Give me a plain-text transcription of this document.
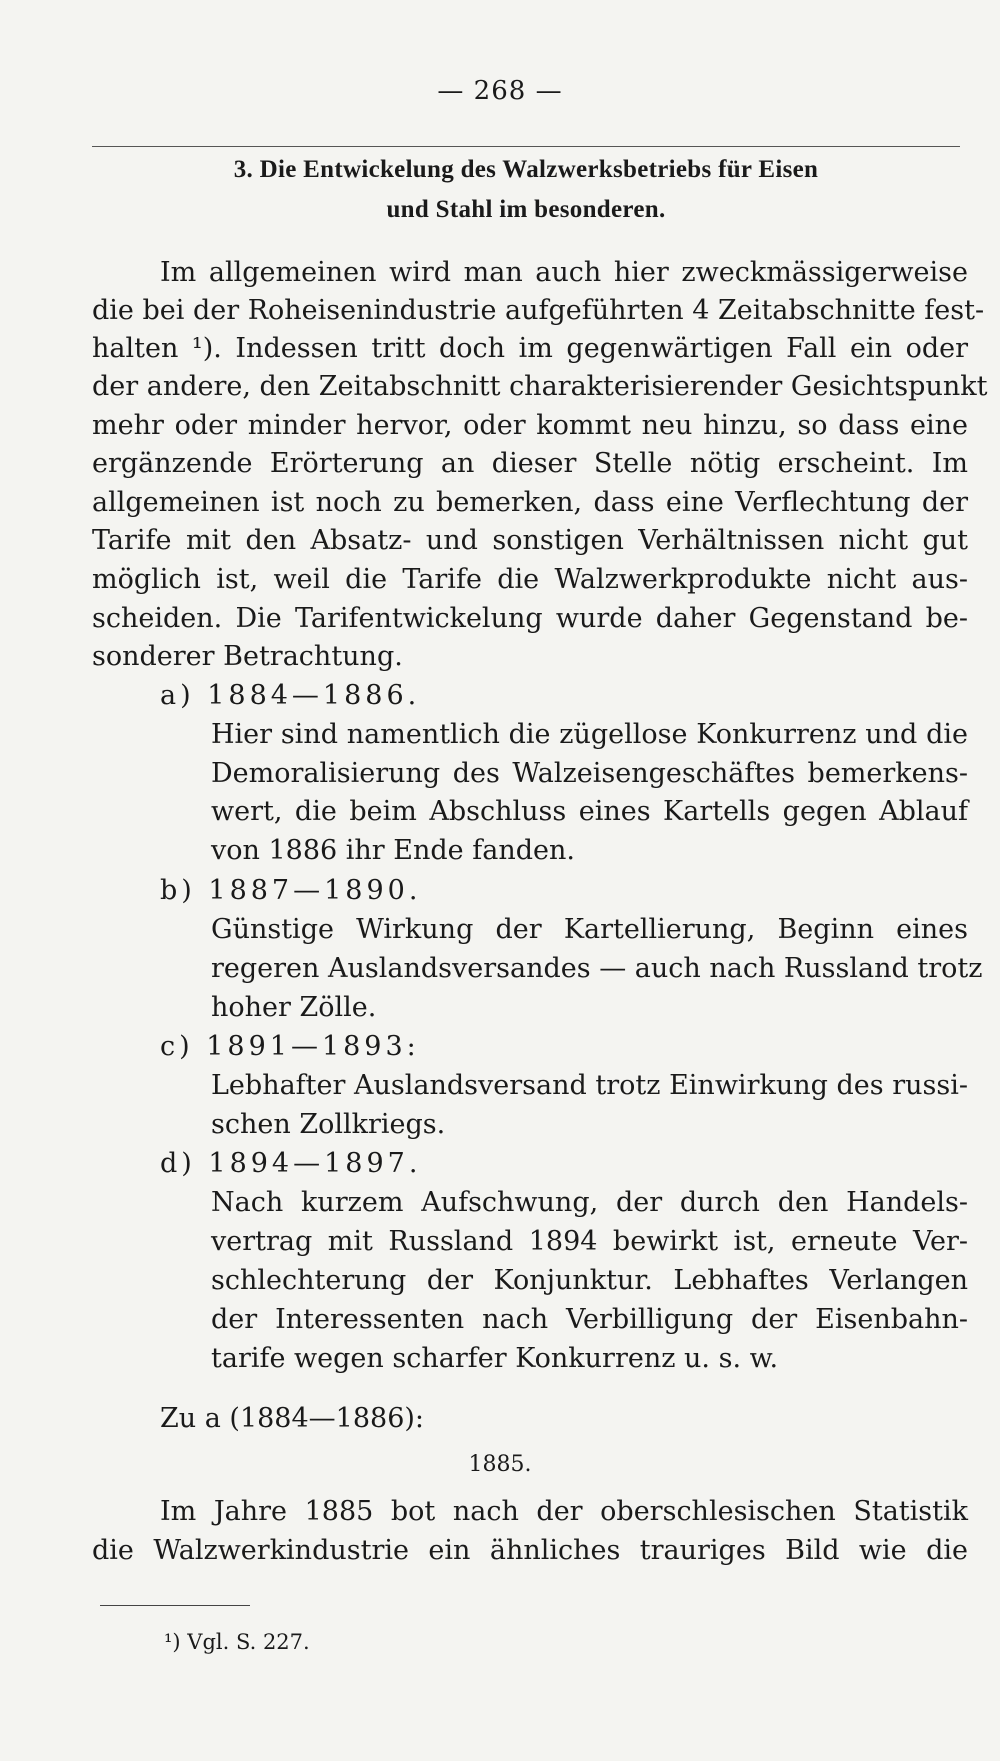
— 268 —
3. Die Entwickelung des Walzwerksbetriebs für Eisen
und Stahl im besonderen.
Im allgemeinen wird man auch hier zweckmässigerweise
die bei der Roheisenindustrie aufgeführten 4 Zeitabschnitte fest-
halten ¹). Indessen tritt doch im gegenwärtigen Fall ein oder
der andere, den Zeitabschnitt charakterisierender Gesichtspunkt
mehr oder minder hervor, oder kommt neu hinzu, so dass eine
ergänzende Erörterung an dieser Stelle nötig erscheint. Im
allgemeinen ist noch zu bemerken, dass eine Verflechtung der
Tarife mit den Absatz- und sonstigen Verhältnissen nicht gut
möglich ist, weil die Tarife die Walzwerkprodukte nicht aus-
scheiden. Die Tarifentwickelung wurde daher Gegenstand be-
sonderer Betrachtung.
a) 1884—1886.
Hier sind namentlich die zügellose Konkurrenz und die
Demoralisierung des Walzeisengeschäftes bemerkens-
wert, die beim Abschluss eines Kartells gegen Ablauf
von 1886 ihr Ende fanden.
b) 1887—1890.
Günstige Wirkung der Kartellierung, Beginn eines
regeren Auslandsversandes — auch nach Russland trotz
hoher Zölle.
c) 1891—1893:
Lebhafter Auslandsversand trotz Einwirkung des russi-
schen Zollkriegs.
d) 1894—1897.
Nach kurzem Aufschwung, der durch den Handels-
vertrag mit Russland 1894 bewirkt ist, erneute Ver-
schlechterung der Konjunktur. Lebhaftes Verlangen
der Interessenten nach Verbilligung der Eisenbahn-
tarife wegen scharfer Konkurrenz u. s. w.
Zu a (1884—1886):
1885.
Im Jahre 1885 bot nach der oberschlesischen Statistik
die Walzwerkindustrie ein ähnliches trauriges Bild wie die
¹) Vgl. S. 227.
